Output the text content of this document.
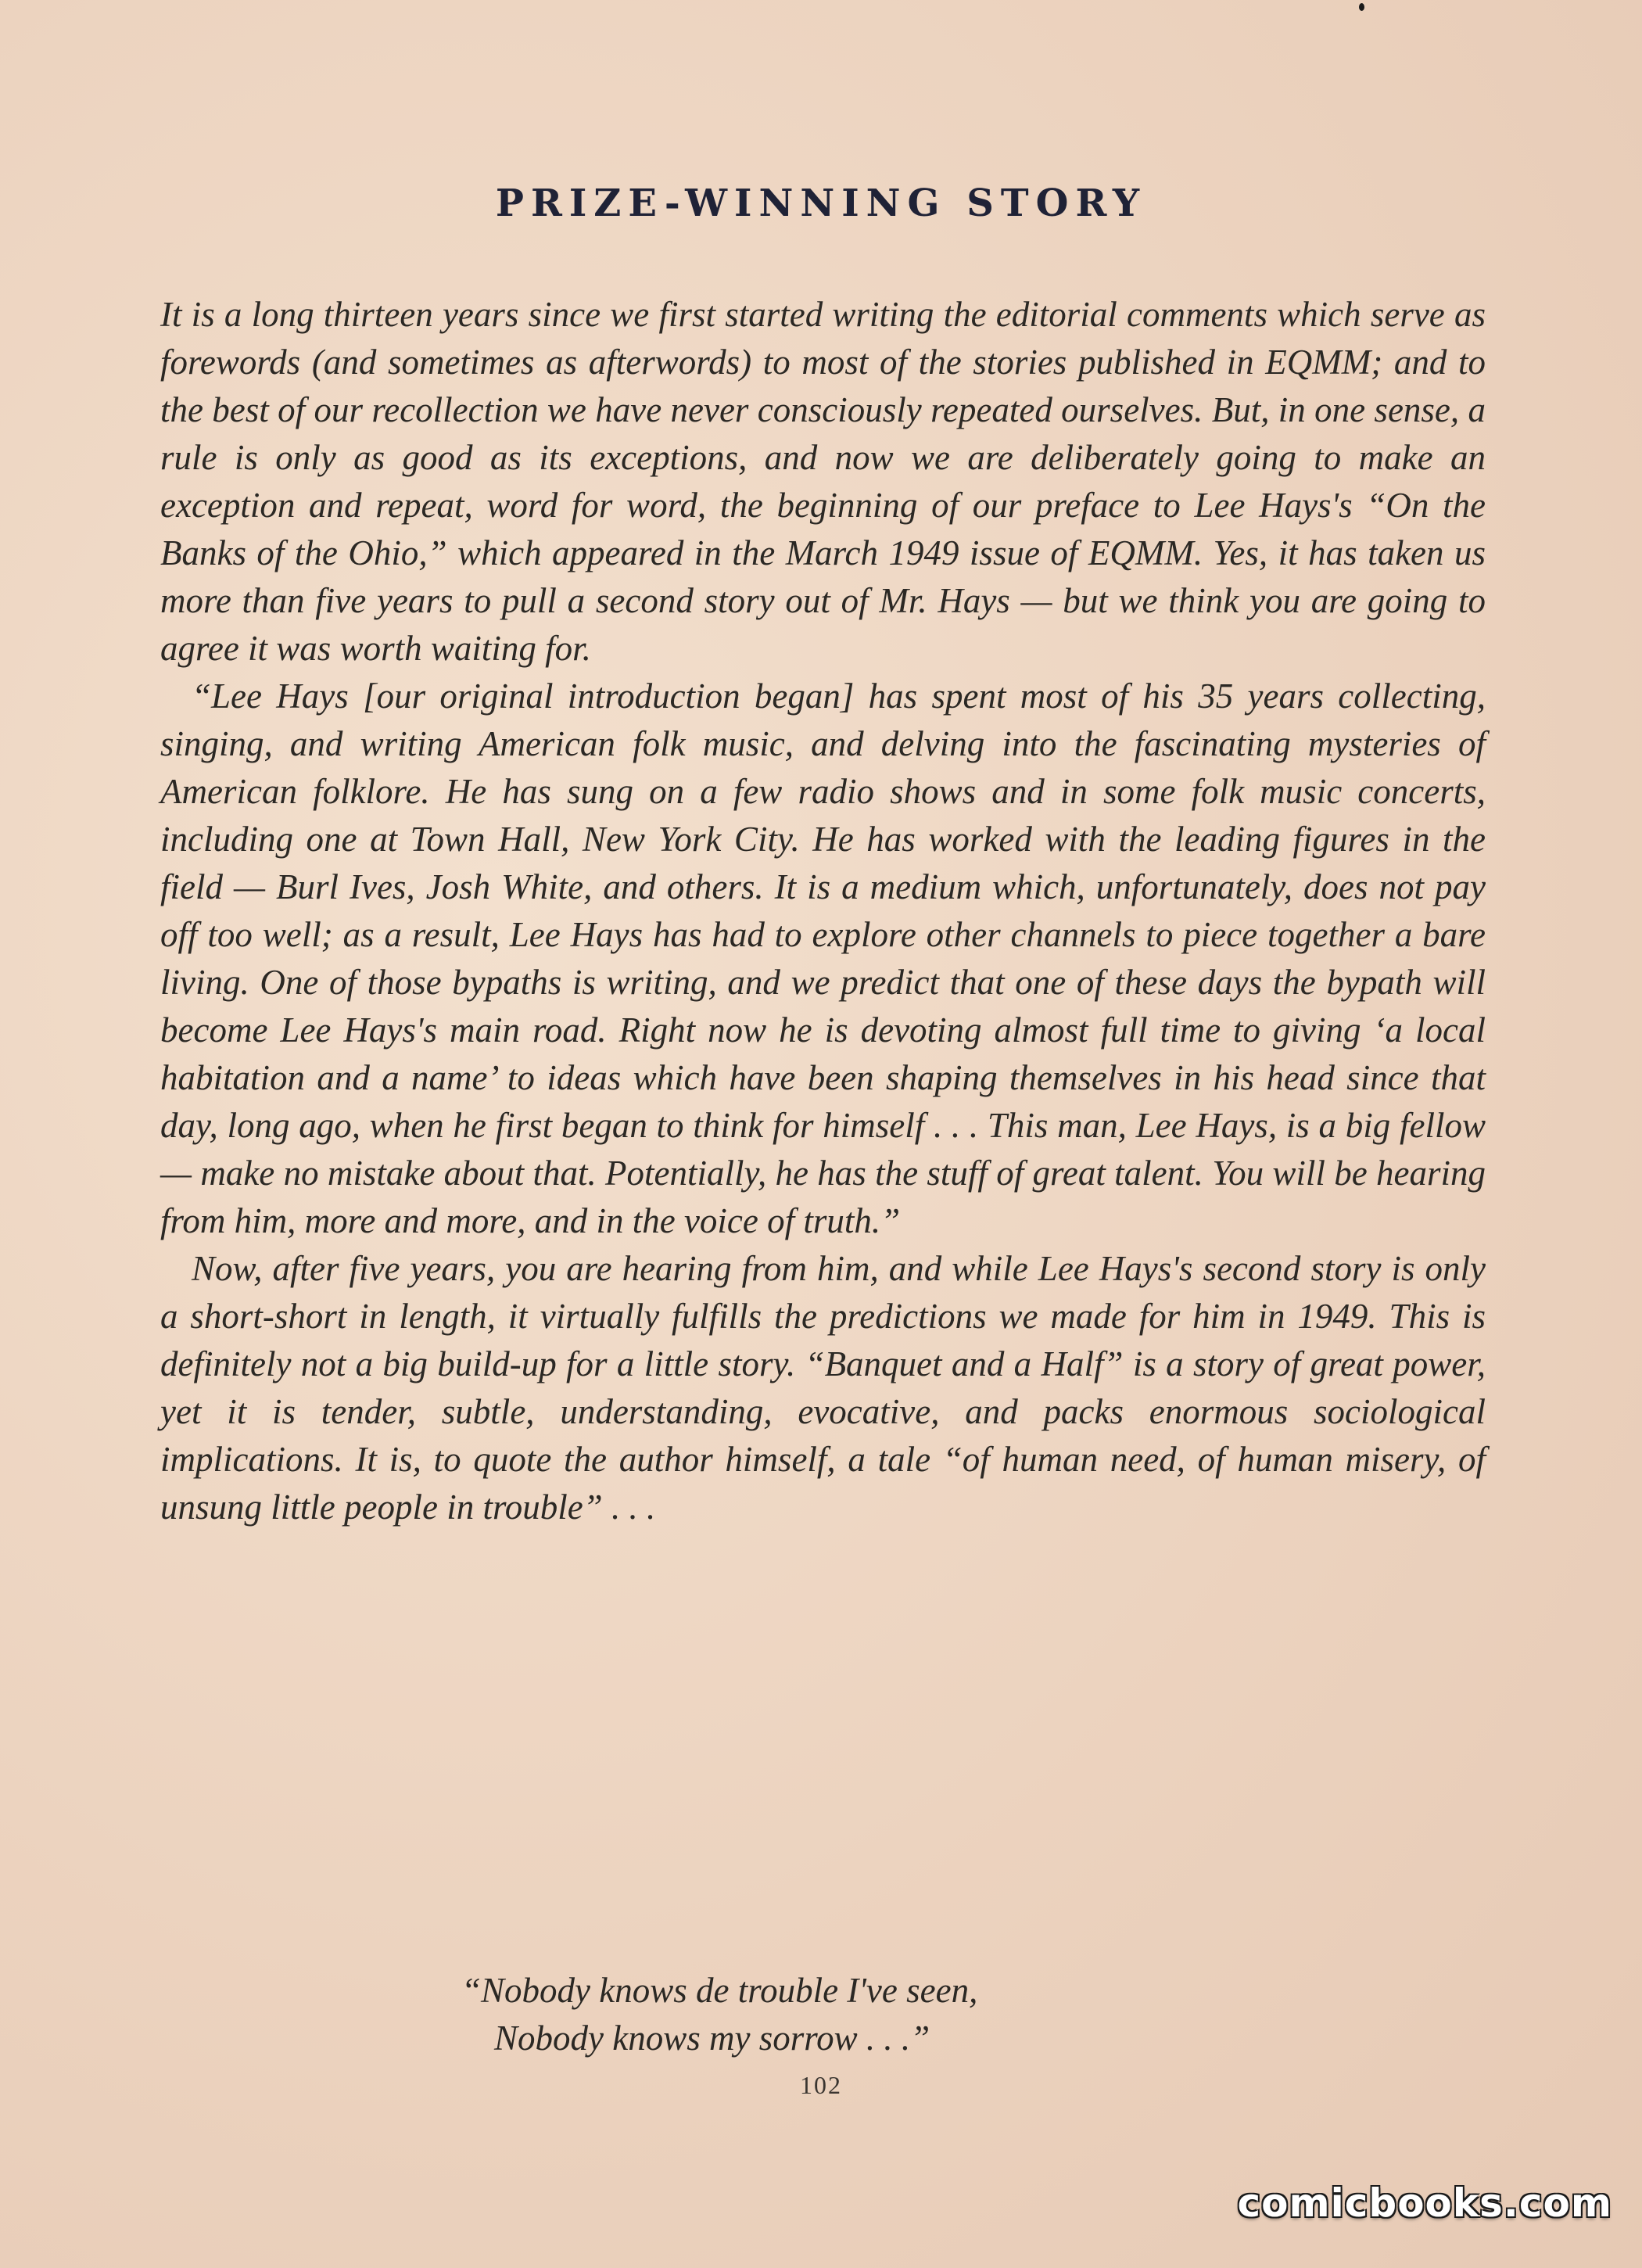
PRIZE-WINNING STORY

It is a long thirteen years since we first started writing the editorial comments which serve as forewords (and sometimes as afterwords) to most of the stories published in EQMM; and to the best of our recollection we have never consciously repeated ourselves. But, in one sense, a rule is only as good as its exceptions, and now we are deliberately going to make an exception and repeat, word for word, the beginning of our preface to Lee Hays's “On the Banks of the Ohio,” which appeared in the March 1949 issue of EQMM. Yes, it has taken us more than five years to pull a second story out of Mr. Hays — but we think you are going to agree it was worth waiting for.

“Lee Hays [our original introduction began] has spent most of his 35 years collecting, singing, and writing American folk music, and delving into the fascinating mysteries of American folklore. He has sung on a few radio shows and in some folk music concerts, including one at Town Hall, New York City. He has worked with the leading figures in the field — Burl Ives, Josh White, and others. It is a medium which, unfortunately, does not pay off too well; as a result, Lee Hays has had to explore other channels to piece together a bare living. One of those bypaths is writing, and we predict that one of these days the bypath will become Lee Hays's main road. Right now he is devoting almost full time to giving ‘a local habitation and a name’ to ideas which have been shaping themselves in his head since that day, long ago, when he first began to think for himself . . . This man, Lee Hays, is a big fellow — make no mistake about that. Potentially, he has the stuff of great talent. You will be hearing from him, more and more, and in the voice of truth.”

Now, after five years, you are hearing from him, and while Lee Hays's second story is only a short-short in length, it virtually fulfills the predictions we made for him in 1949. This is definitely not a big build-up for a little story. “Banquet and a Half” is a story of great power, yet it is tender, subtle, understanding, evocative, and packs enormous sociological implications. It is, to quote the author himself, a tale “of human need, of human misery, of unsung little people in trouble” . . .

“Nobody knows de trouble I've seen,
Nobody knows my sorrow . . .”
102
comicbooks.com
